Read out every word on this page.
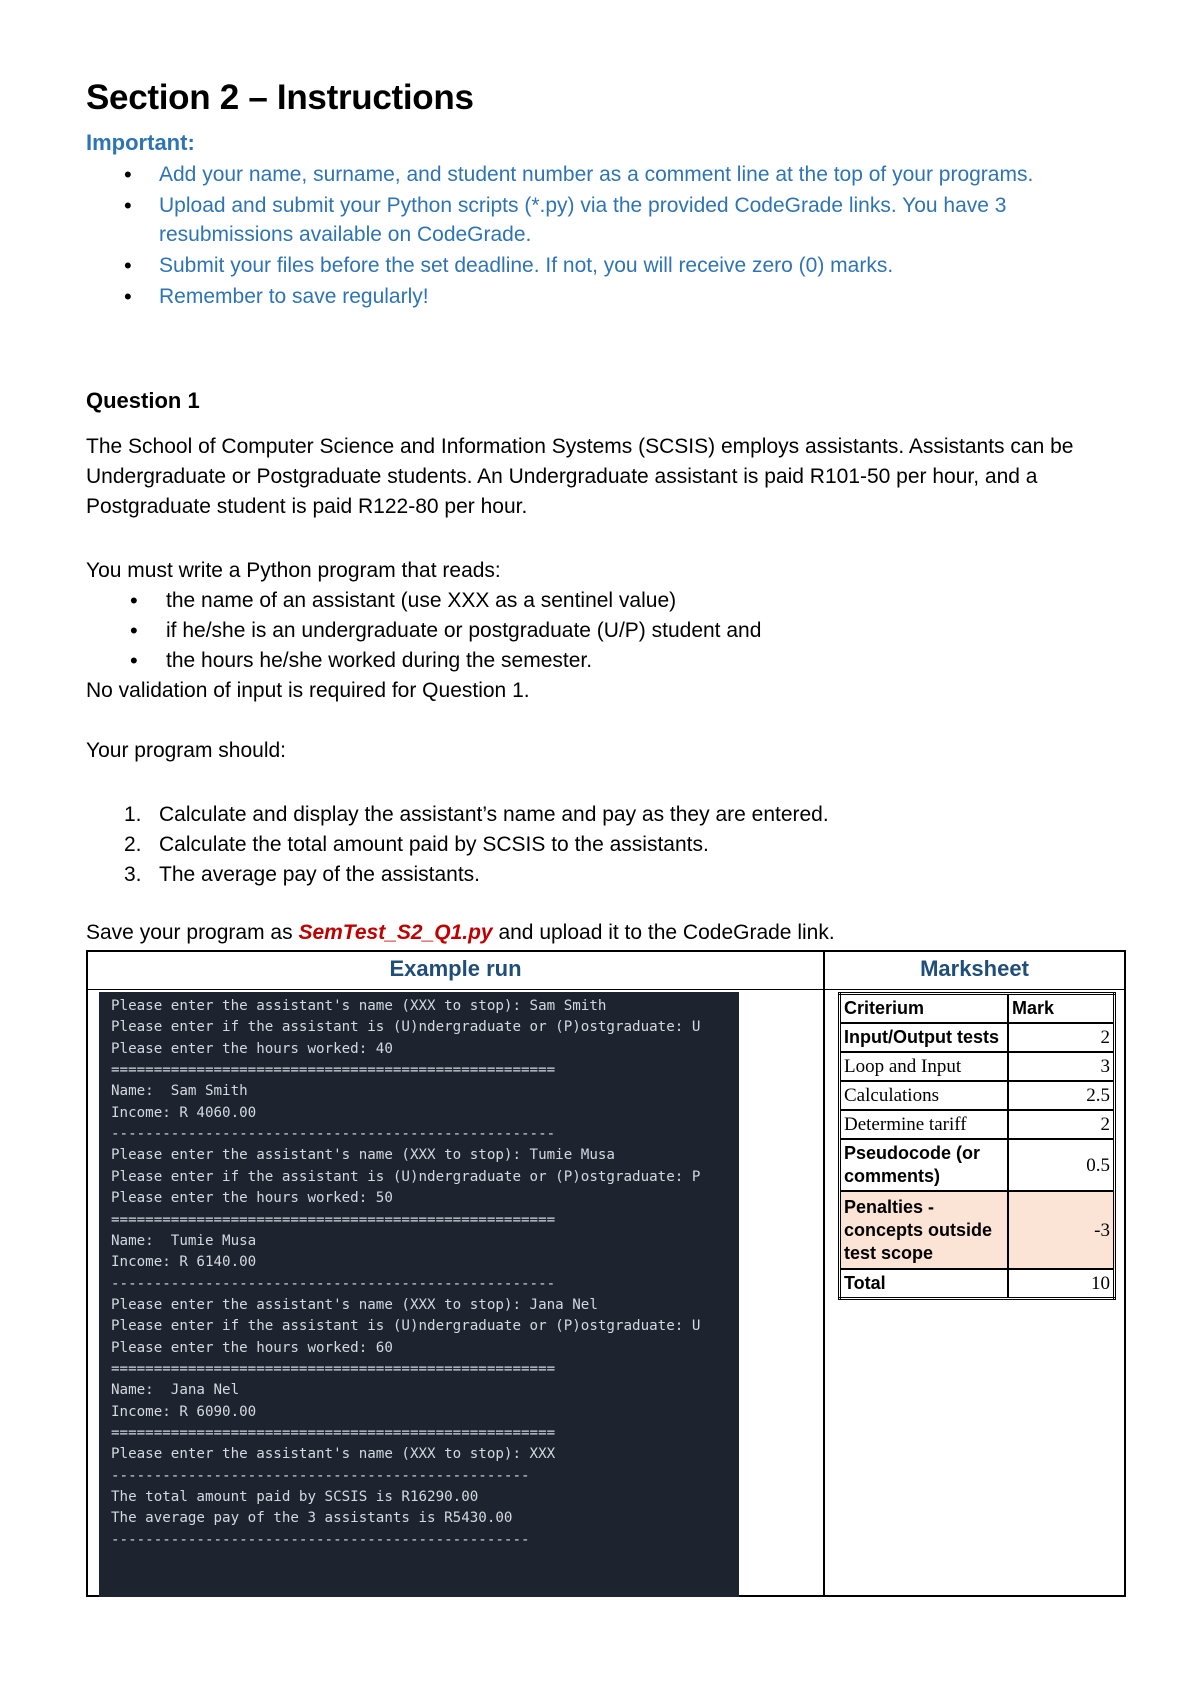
Section 2 – Instructions
Important:
• Add your name, surname, and student number as a comment line at the top of your programs.
• Upload and submit your Python scripts (*.py) via the provided CodeGrade links. You have 3 resubmissions available on CodeGrade.
• Submit your files before the set deadline. If not, you will receive zero (0) marks.
• Remember to save regularly!
Question 1

The School of Computer Science and Information Systems (SCSIS) employs assistants. Assistants can be Undergraduate or Postgraduate students. An Undergraduate assistant is paid R101-50 per hour, and a Postgraduate student is paid R122-80 per hour.

You must write a Python program that reads:

• the name of an assistant (use XXX as a sentinel value)
• if he/she is an undergraduate or postgraduate (U/P) student and
• the hours he/she worked during the semester.

No validation of input is required for Question 1.

Your program should:

1. Calculate and display the assistant’s name and pay as they are entered.
2. Calculate the total amount paid by SCSIS to the assistants.
3. The average pay of the assistants.

Save your program as SemTest_S2_Q1.py and upload it to the CodeGrade link.

Example run	Marksheet
Please enter the assistant's name (XXX to stop): Sam Smith
Please enter if the assistant is (U)ndergraduate or (P)ostgraduate: U
Please enter the hours worked: 40
====================================================
Name:  Sam Smith
Income: R 4060.00
----------------------------------------------------
Please enter the assistant's name (XXX to stop): Tumie Musa
Please enter if the assistant is (U)ndergraduate or (P)ostgraduate: P
Please enter the hours worked: 50
====================================================
Name:  Tumie Musa
Income: R 6140.00
----------------------------------------------------
Please enter the assistant's name (XXX to stop): Jana Nel
Please enter if the assistant is (U)ndergraduate or (P)ostgraduate: U
Please enter the hours worked: 60
====================================================
Name:  Jana Nel
Income: R 6090.00
====================================================
Please enter the assistant's name (XXX to stop): XXX
-------------------------------------------------
The total amount paid by SCSIS is R16290.00
The average pay of the 3 assistants is R5430.00
-------------------------------------------------
Criterium	Mark
Input/Output tests	2
Loop and Input	3
Calculations	2.5
Determine tariff	2
Pseudocode (or comments)	0.5
Penalties - concepts outside test scope	-3
Total	10
